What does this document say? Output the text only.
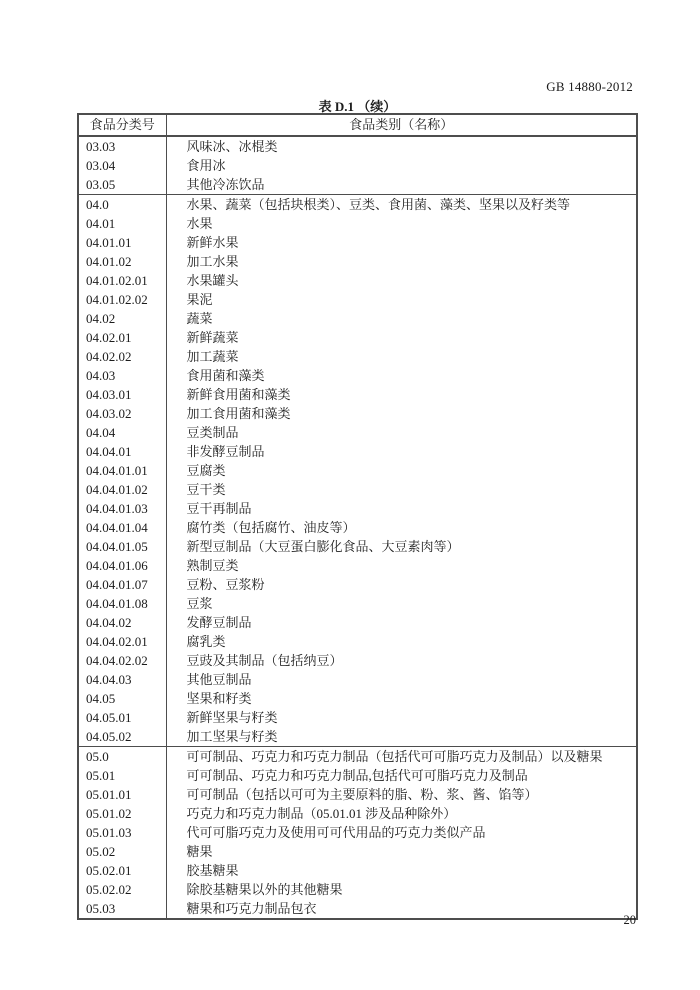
GB 14880-2012
表 D.1 （续）
食品分类号	食品类别（名称）
03.03	风味冰、冰棍类
03.04	食用冰
03.05	其他冷冻饮品
04.0	水果、蔬菜（包括块根类）、豆类、食用菌、藻类、坚果以及籽类等
04.01	水果
04.01.01	新鲜水果
04.01.02	加工水果
04.01.02.01	水果罐头
04.01.02.02	果泥
04.02	蔬菜
04.02.01	新鲜蔬菜
04.02.02	加工蔬菜
04.03	食用菌和藻类
04.03.01	新鲜食用菌和藻类
04.03.02	加工食用菌和藻类
04.04	豆类制品
04.04.01	非发酵豆制品
04.04.01.01	豆腐类
04.04.01.02	豆干类
04.04.01.03	豆干再制品
04.04.01.04	腐竹类（包括腐竹、油皮等）
04.04.01.05	新型豆制品（大豆蛋白膨化食品、大豆素肉等）
04.04.01.06	熟制豆类
04.04.01.07	豆粉、豆浆粉
04.04.01.08	豆浆
04.04.02	发酵豆制品
04.04.02.01	腐乳类
04.04.02.02	豆豉及其制品（包括纳豆）
04.04.03	其他豆制品
04.05	坚果和籽类
04.05.01	新鲜坚果与籽类
04.05.02	加工坚果与籽类
05.0	可可制品、巧克力和巧克力制品（包括代可可脂巧克力及制品）以及糖果
05.01	可可制品、巧克力和巧克力制品,包括代可可脂巧克力及制品
05.01.01	可可制品（包括以可可为主要原料的脂、粉、浆、酱、馅等）
05.01.02	巧克力和巧克力制品（05.01.01 涉及品种除外）
05.01.03	代可可脂巧克力及使用可可代用品的巧克力类似产品
05.02	糖果
05.02.01	胶基糖果
05.02.02	除胶基糖果以外的其他糖果
05.03	糖果和巧克力制品包衣
20
